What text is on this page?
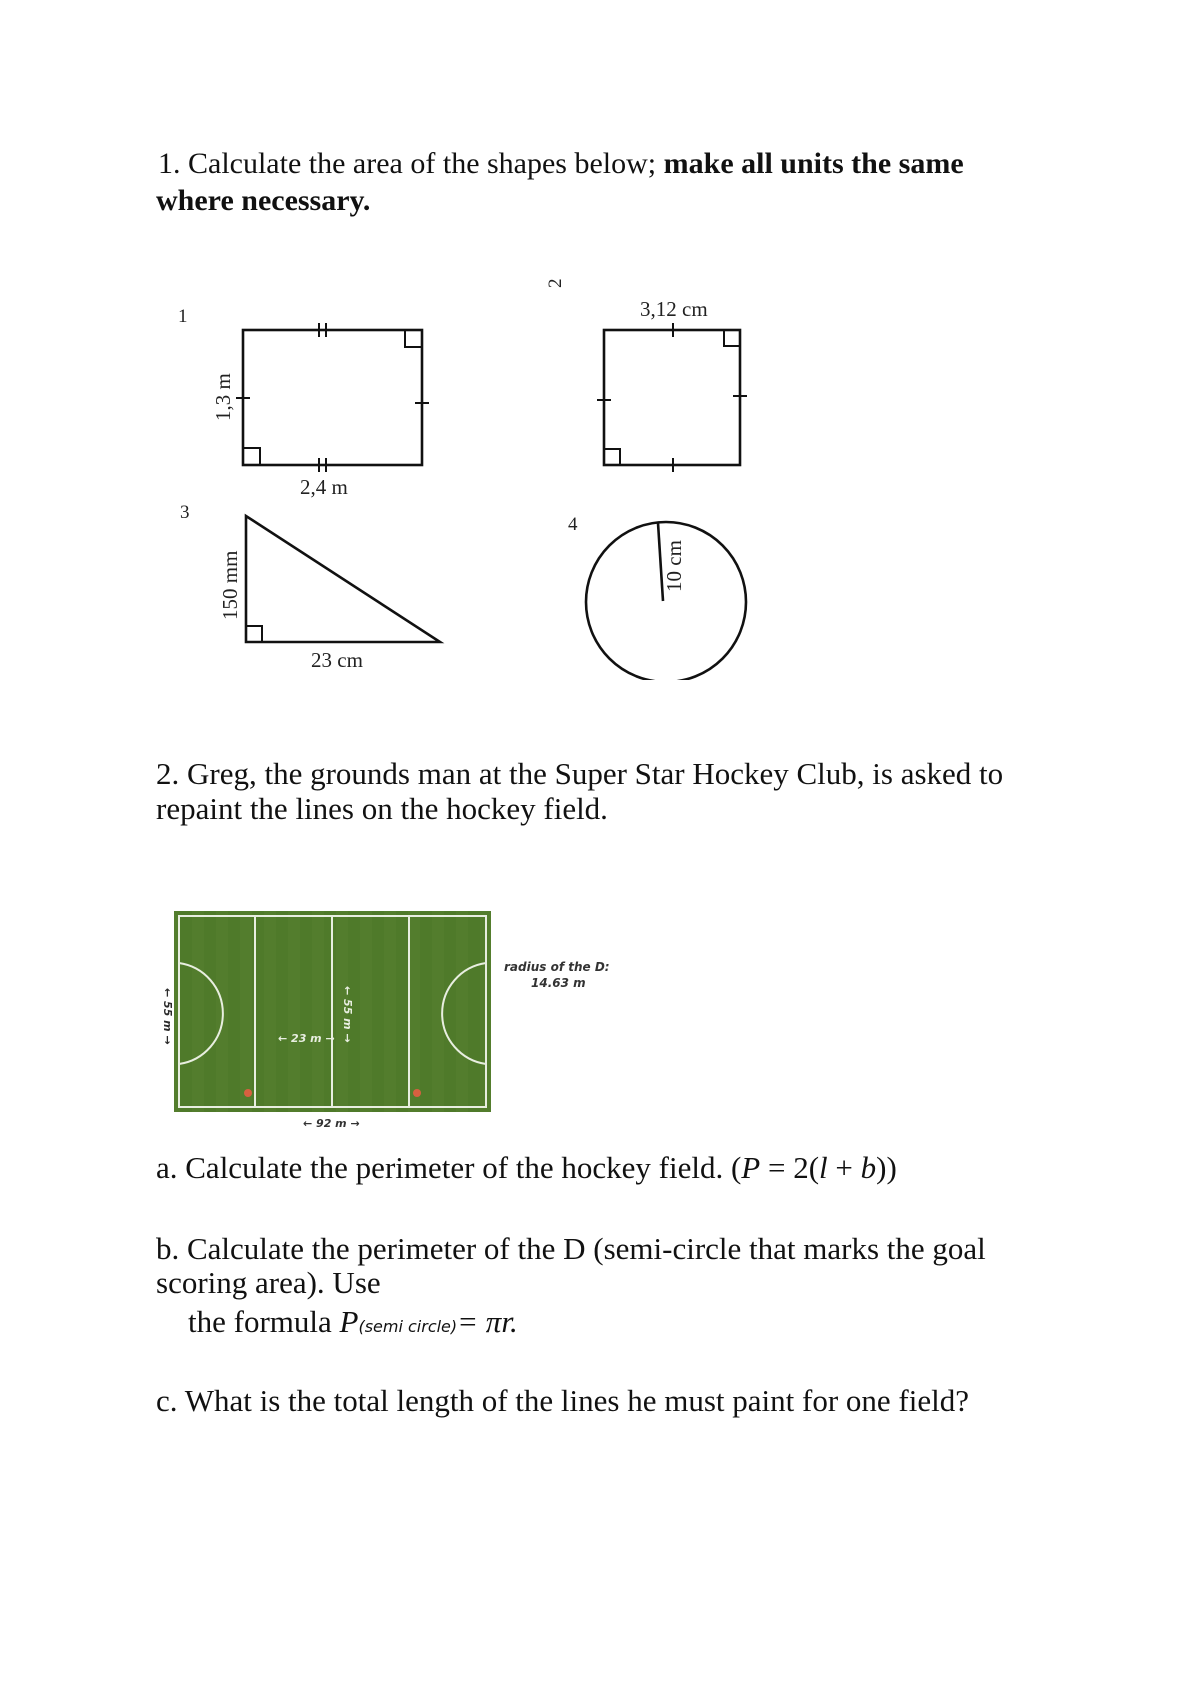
1. Calculate the area of the shapes below; make all units the same
where necessary.
1
1,3 m
2,4 m
2
3,12 cm
3
150 mm
23 cm
4
10 cm
2. Greg, the grounds man at the Super Star Hockey Club, is asked to
repaint the lines on the hockey field.
← 55 m →	← 55 m →
← 23 m →
← 92 m →
radius of the D:
14.63 m
a. Calculate the perimeter of the hockey field. (P = 2(l + b))
b. Calculate the perimeter of the D (semi-circle that marks the goal
scoring area). Use
the formula P(semi circle)= πr.
c. What is the total length of the lines he must paint for one field?
